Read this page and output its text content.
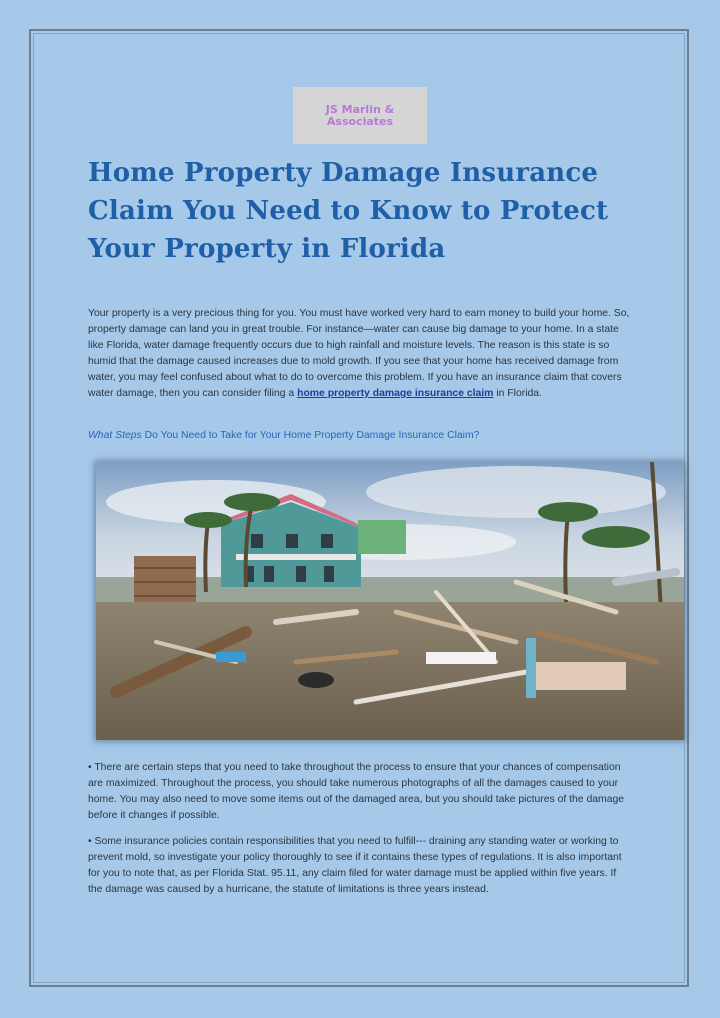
JS Marlin &
Associates
Home Property Damage Insurance Claim You Need to Know to Protect Your Property in Florida

Your property is a very precious thing for you. You must have worked very hard to earn money to build your home. So, property damage can land you in great trouble. For instance—water can cause big damage to your home. In a state like Florida, water damage frequently occurs due to high rainfall and moisture levels. The reason is this state is so humid that the damage caused increases due to mold growth. If you see that your home has received damage from water, you may feel confused about what to do to overcome this problem. If you have an insurance claim that covers water damage, then you can consider filing a home property damage insurance claim in Florida.

What Steps Do You Need to Take for Your Home Property Damage Insurance Claim?

• There are certain steps that you need to take throughout the process to ensure that your chances of compensation are maximized. Throughout the process, you should take numerous photographs of all the damages caused to your home. You may also need to move some items out of the damaged area, but you should take pictures of the damage before it changes if possible.

• Some insurance policies contain responsibilities that you need to fulfill--- draining any standing water or working to prevent mold, so investigate your policy thoroughly to see if it contains these types of regulations. It is also important for you to note that, as per Florida Stat. 95.11, any claim filed for water damage must be applied within five years. If the damage was caused by a hurricane, the statute of limitations is three years instead.
